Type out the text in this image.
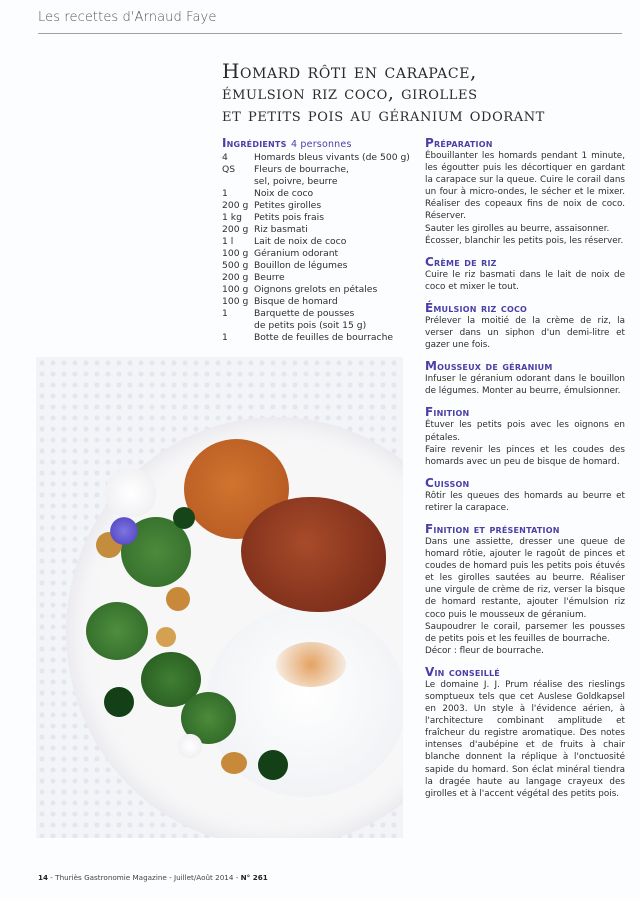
Les recettes d'Arnaud Faye
Homard rôti en carapace,
émulsion riz coco, girolles
et petits pois au géranium odorant
Ingrédients 4 personnes
4	Homards bleus vivants (de 500 g)
QS	Fleurs de bourrache,
sel, poivre, beurre
1	Noix de coco
200 g Petites girolles
1 kg	Petits pois frais
200 g Riz basmati
1 l	Lait de noix de coco
100 g Géranium odorant
500 g Bouillon de légumes
200 g Beurre
100 g Oignons grelots en pétales
100 g Bisque de homard
1	Barquette de pousses
de petits pois (soit 15 g)
1	Botte de feuilles de bourrache
Préparation

Ébouillanter les homards pendant 1 minute, les égoutter puis les décortiquer en gardant la carapace sur la queue. Cuire le corail dans un four à micro-ondes, le sécher et le mixer. Réaliser des copeaux fins de noix de coco. Réserver.

Sauter les girolles au beurre, assaisonner.

Écosser, blanchir les petits pois, les réserver.

Crème de riz

Cuire le riz basmati dans le lait de noix de coco et mixer le tout.

Émulsion riz coco

Prélever la moitié de la crème de riz, la verser dans un siphon d'un demi-litre et gazer une fois.

Mousseux de géranium

Infuser le géranium odorant dans le bouillon de légumes. Monter au beurre, émulsionner.

Finition

Étuver les petits pois avec les oignons en pétales.

Faire revenir les pinces et les coudes des homards avec un peu de bisque de homard.

Cuisson

Rôtir les queues des homards au beurre et retirer la carapace.

Finition et présentation

Dans une assiette, dresser une queue de homard rôtie, ajouter le ragoût de pinces et coudes de homard puis les petits pois étuvés et les girolles sautées au beurre. Réaliser une virgule de crème de riz, verser la bisque de homard restante, ajouter l'émulsion riz coco puis le mousseux de géranium.

Saupoudrer le corail, parsemer les pousses de petits pois et les feuilles de bourrache.

Décor : fleur de bourrache.

Vin conseillé

Le domaine J. J. Prum réalise des rieslings somptueux tels que cet Auslese Goldkapsel en 2003. Un style à l'évidence aérien, à l'architecture combinant amplitude et fraîcheur du registre aromatique. Des notes intenses d'aubépine et de fruits à chair blanche donnent la réplique à l'onctuosité sapide du homard. Son éclat minéral tiendra la dragée haute au langage crayeux des girolles et à l'accent végétal des petits pois.

14 - Thuriès Gastronomie Magazine - Juillet/Août 2014 - N° 261
